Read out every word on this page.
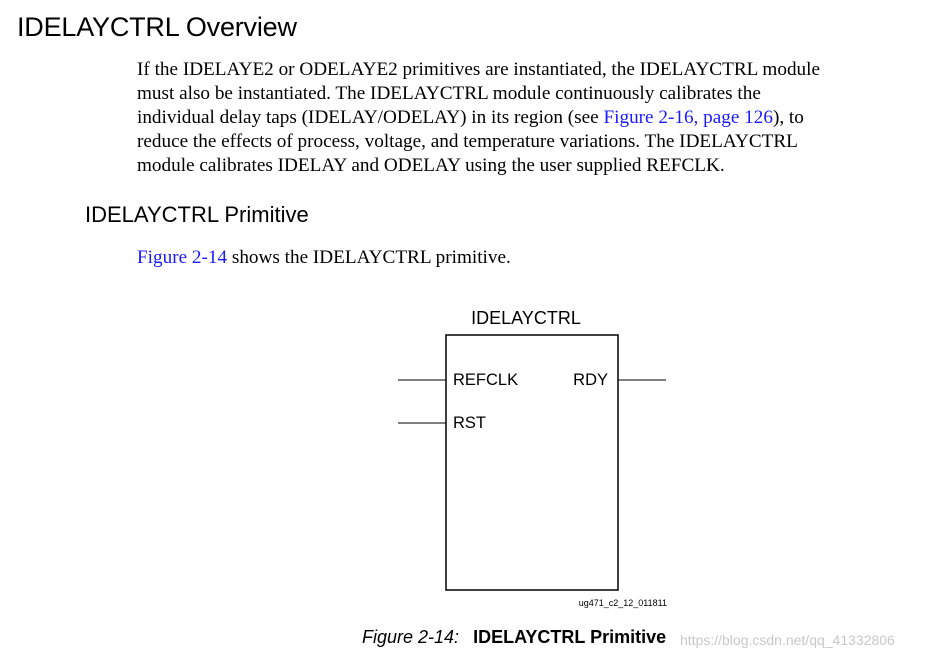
IDELAYCTRL Overview

If the IDELAYE2 or ODELAYE2 primitives are instantiated, the IDELAYCTRL module
must also be instantiated. The IDELAYCTRL module continuously calibrates the
individual delay taps (IDELAY/ODELAY) in its region (see Figure 2-16, page 126), to
reduce the effects of process, voltage, and temperature variations. The IDELAYCTRL
module calibrates IDELAY and ODELAY using the user supplied REFCLK.

IDELAYCTRL Primitive

Figure 2-14 shows the IDELAYCTRL primitive.

IDELAYCTRL
REFCLK
RST
RDY
ug471_c2_12_011811

Figure 2-14: IDELAYCTRL Primitive https://blog.csdn.net/qq_41332806
